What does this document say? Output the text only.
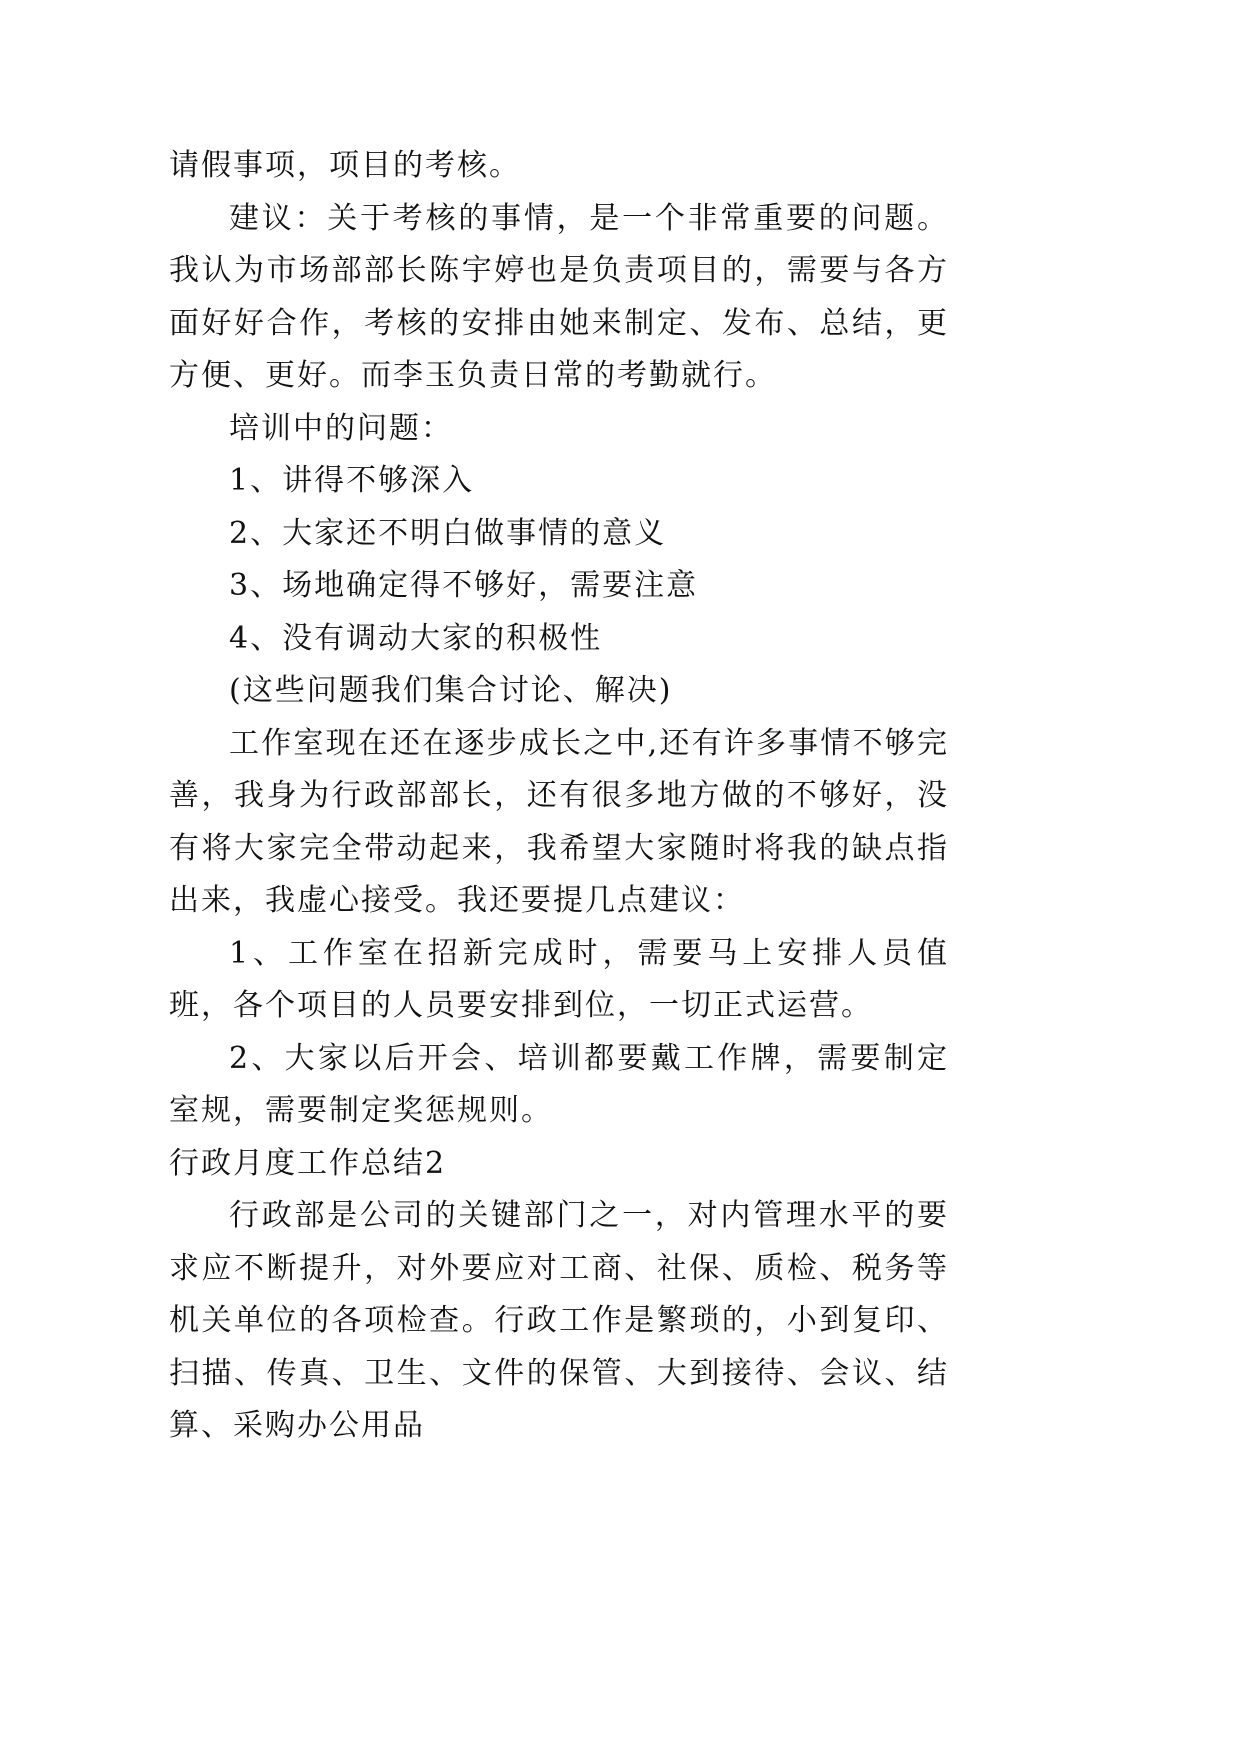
请假事项，项目的考核。

建议：关于考核的事情，是一个非常重要的问题。我认为市场部部长陈宇婷也是负责项目的，需要与各方面好好合作，考核的安排由她来制定、发布、总结，更方便、更好。而李玉负责日常的考勤就行。

培训中的问题：

1、讲得不够深入

2、大家还不明白做事情的意义

3、场地确定得不够好，需要注意

4、没有调动大家的积极性

(这些问题我们集合讨论、解决)

工作室现在还在逐步成长之中,还有许多事情不够完善，我身为行政部部长，还有很多地方做的不够好，没有将大家完全带动起来，我希望大家随时将我的缺点指出来，我虚心接受。我还要提几点建议：

1、工作室在招新完成时，需要马上安排人员值班，各个项目的人员要安排到位，一切正式运营。

2、大家以后开会、培训都要戴工作牌，需要制定室规，需要制定奖惩规则。

行政月度工作总结2

行政部是公司的关键部门之一，对内管理水平的要求应不断提升，对外要应对工商、社保、质检、税务等机关单位的各项检查。行政工作是繁琐的，小到复印、扫描、传真、卫生、文件的保管、大到接待、会议、结算、采购办公用品
